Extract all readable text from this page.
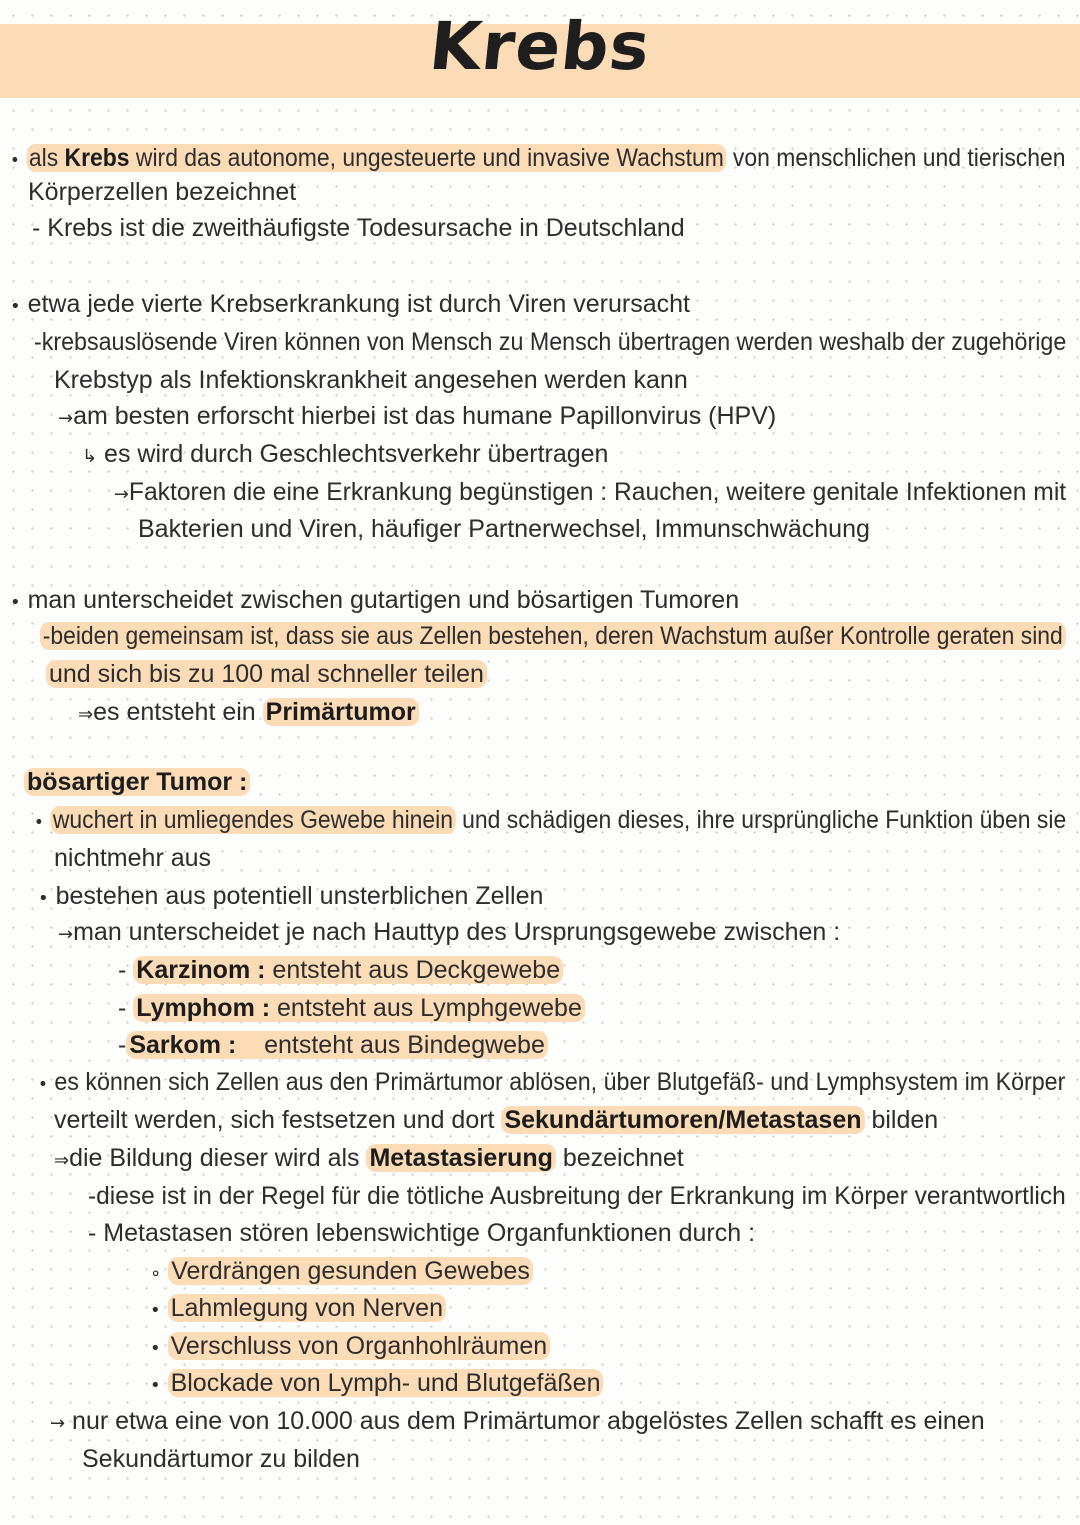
Krebs
• als Krebs wird das autonome, ungesteuerte und invasive Wachstum von menschlichen und tierischen
Körperzellen bezeichnet
- Krebs ist die zweithäufigste Todesursache in Deutschland
• etwa jede vierte Krebserkrankung ist durch Viren verursacht
-krebsauslösende Viren können von Mensch zu Mensch übertragen werden weshalb der zugehörige
Krebstyp als Infektionskrankheit angesehen werden kann
→am besten erforscht hierbei ist das humane Papillonvirus (HPV)
↳ es wird durch Geschlechtsverkehr übertragen
→Faktoren die eine Erkrankung begünstigen : Rauchen, weitere genitale Infektionen mit
Bakterien und Viren, häufiger Partnerwechsel, Immunschwächung
• man unterscheidet zwischen gutartigen und bösartigen Tumoren
-beiden gemeinsam ist, dass sie aus Zellen bestehen, deren Wachstum außer Kontrolle geraten sind
und sich bis zu 100 mal schneller teilen
⇒es entsteht ein Primärtumor
bösartiger Tumor :
• wuchert in umliegendes Gewebe hinein und schädigen dieses, ihre ursprüngliche Funktion üben sie
nichtmehr aus
• bestehen aus potentiell unsterblichen Zellen
→man unterscheidet je nach Hauttyp des Ursprungsgewebe zwischen :
- Karzinom : entsteht aus Deckgewebe
- Lymphom : entsteht aus Lymphgewebe
- Sarkom :    entsteht aus Bindegwebe
• es können sich Zellen aus den Primärtumor ablösen, über Blutgefäß- und Lymphsystem im Körper
verteilt werden, sich festsetzen und dort Sekundärtumoren/Metastasen bilden
⇒die Bildung dieser wird als Metastasierung bezeichnet
-diese ist in der Regel für die tötliche Ausbreitung der Erkrankung im Körper verantwortlich
- Metastasen stören lebenswichtige Organfunktionen durch :
∘ Verdrängen gesunden Gewebes
• Lahmlegung von Nerven
• Verschluss von Organhohlräumen
• Blockade von Lymph- und Blutgefäßen
→ nur etwa eine von 10.000 aus dem Primärtumor abgelöstes Zellen schafft es einen
Sekundärtumor zu bilden
